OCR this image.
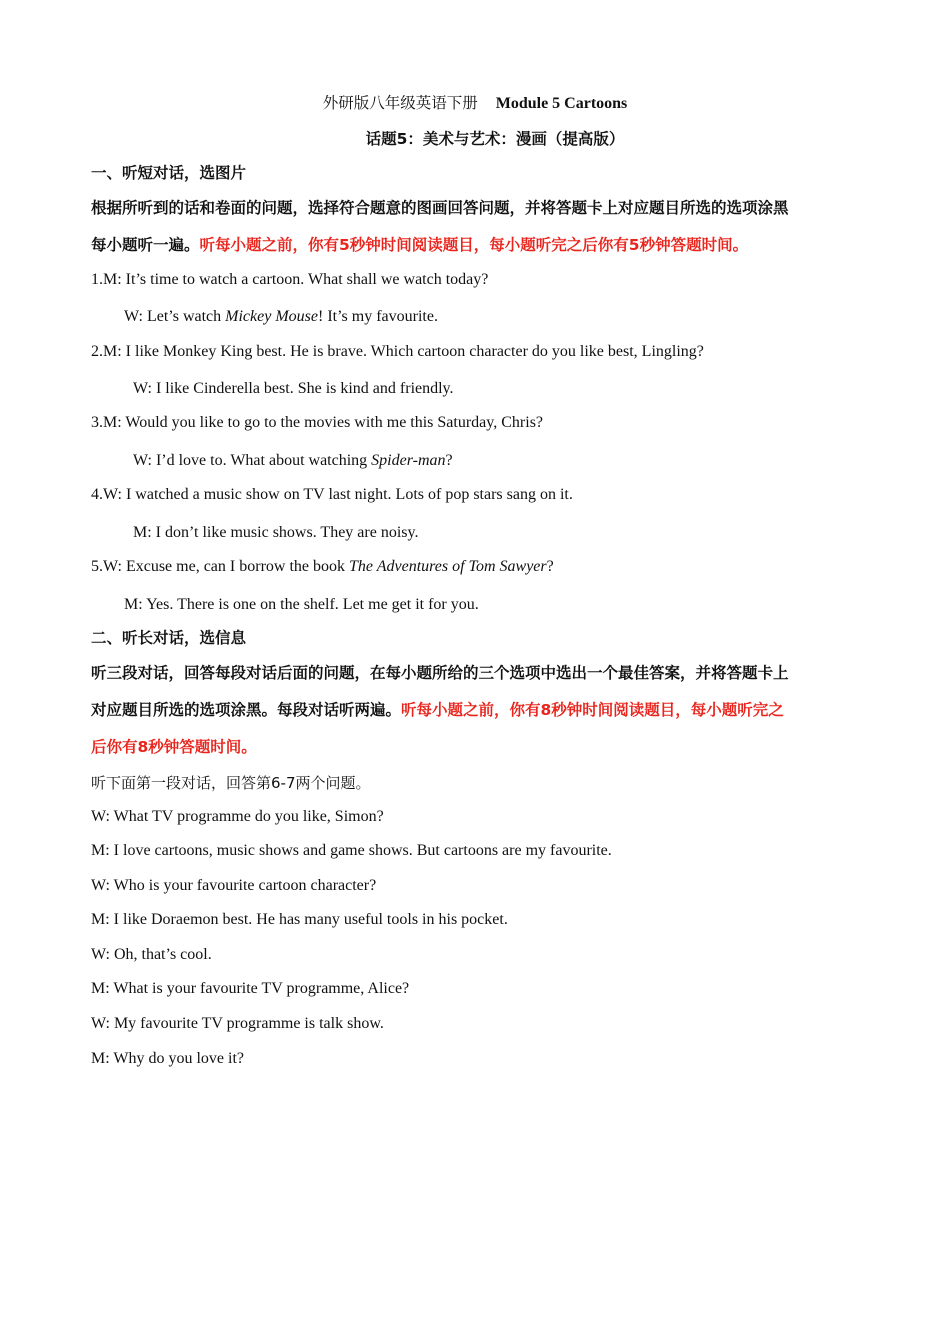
外研版八年级英语下册 Module 5 Cartoons
话题5：美术与艺术：漫画（提高版）
一、听短对话，选图片
根据所听到的话和卷面的问题，选择符合题意的图画回答问题，并将答题卡上对应题目所选的选项涂黑
每小题听一遍。听每小题之前，你有5秒钟时间阅读题目，每小题听完之后你有5秒钟答题时间。
1.M: It’s time to watch a cartoon. What shall we watch today?
W: Let’s watch Mickey Mouse! It’s my favourite.
2.M: I like Monkey King best. He is brave. Which cartoon character do you like best, Lingling?
W: I like Cinderella best. She is kind and friendly.
3.M: Would you like to go to the movies with me this Saturday, Chris?
W: I’d love to. What about watching Spider-man?
4.W: I watched a music show on TV last night. Lots of pop stars sang on it.
M: I don’t like music shows. They are noisy.
5.W: Excuse me, can I borrow the book The Adventures of Tom Sawyer?
M: Yes. There is one on the shelf. Let me get it for you.
二、听长对话，选信息
听三段对话，回答每段对话后面的问题，在每小题所给的三个选项中选出一个最佳答案，并将答题卡上
对应题目所选的选项涂黑。每段对话听两遍。听每小题之前，你有8秒钟时间阅读题目，每小题听完之
后你有8秒钟答题时间。
听下面第一段对话，回答第6-7两个问题。
W: What TV programme do you like, Simon?
M: I love cartoons, music shows and game shows. But cartoons are my favourite.
W: Who is your favourite cartoon character?
M: I like Doraemon best. He has many useful tools in his pocket.
W: Oh, that’s cool.
M: What is your favourite TV programme, Alice?
W: My favourite TV programme is talk show.
M: Why do you love it?
